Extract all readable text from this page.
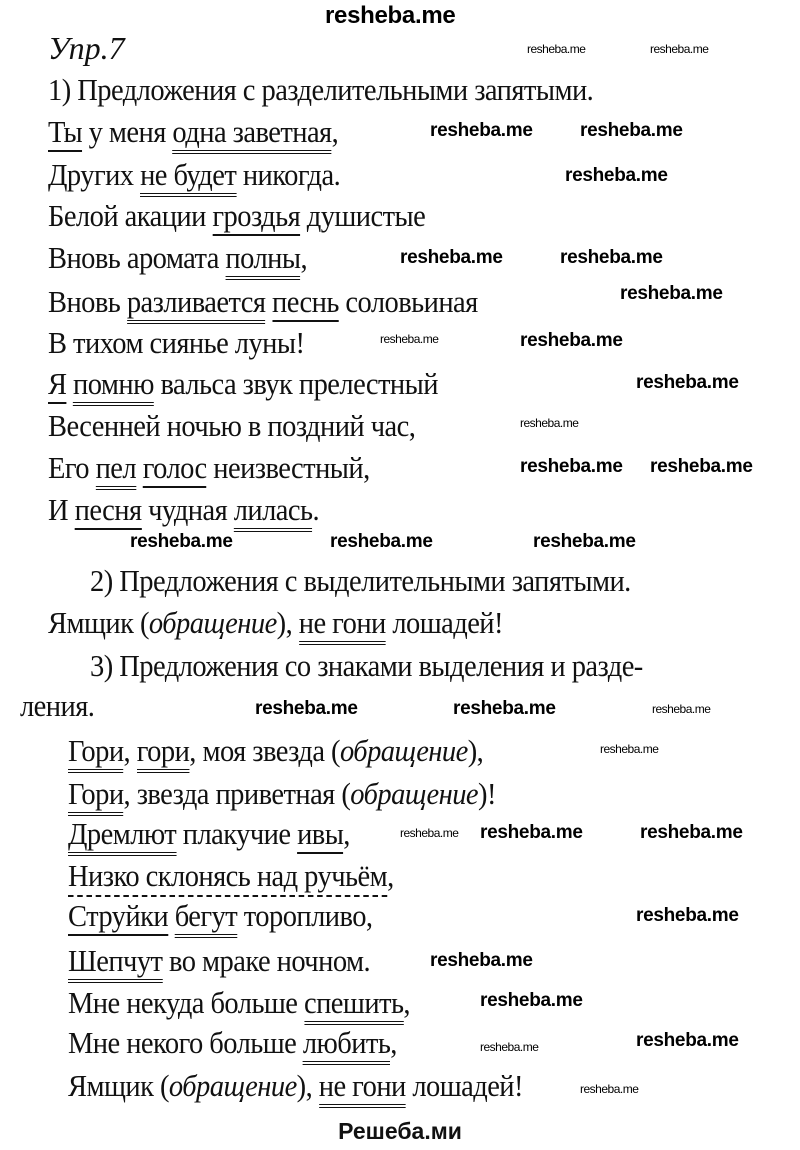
resheba.me
Упр.7
1) Предложения с разделительными запятыми.
Ты у меня одна заветная,
Других не будет никогда.
Белой акации гроздья душистые
Вновь аромата полны,
Вновь разливается песнь соловьиная
В тихом сиянье луны!
Я помню вальса звук прелестный
Весенней ночью в поздний час,
Его пел голос неизвестный,
И песня чудная лилась.
2) Предложения с выделительными запятыми.
Ямщик (обращение), не гони лошадей!
3) Предложения со знаками выделения и разде-
ления.
Гори, гори, моя звезда (обращение),
Гори, звезда приветная (обращение)!
Дремлют плакучие ивы,
Низко склонясь над ручьём,
Струйки бегут торопливо,
Шепчут во мраке ночном.
Мне некуда больше спешить,
Мне некого больше любить,
Ямщик (обращение), не гони лошадей!
resheba.me	resheba.me
resheba.me resheba.me
resheba.me
resheba.me	resheba.me
resheba.me
resheba.me	resheba.me
resheba.me
resheba.me
resheba.me resheba.me
resheba.me	resheba.me	resheba.me
resheba.me	resheba.me	resheba.me
resheba.me
resheba.me resheba.me	resheba.me
resheba.me
resheba.me
resheba.me
resheba.me
resheba.me
resheba.me
Решеба.ми
